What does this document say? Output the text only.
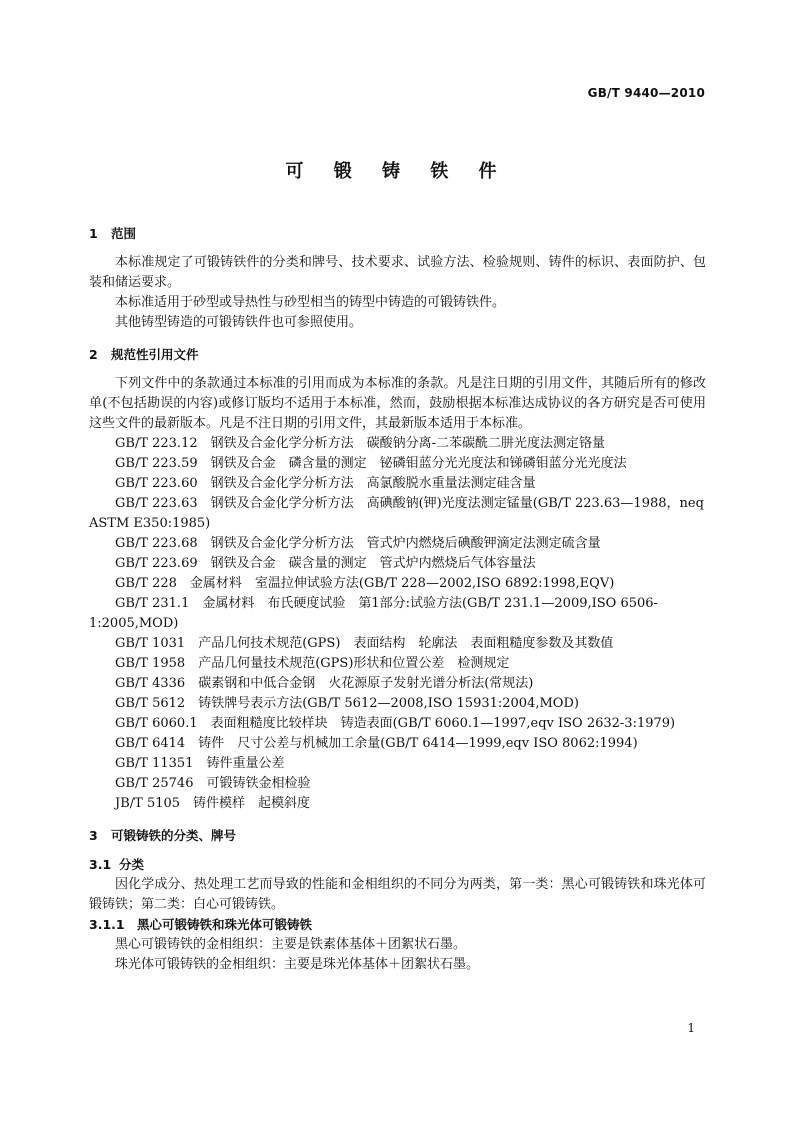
GB/T 9440—2010
可 锻 铸 铁 件

1 范围

本标准规定了可锻铸铁件的分类和牌号、技术要求、试验方法、检验规则、铸件的标识、表面防护、包装和储运要求。

本标准适用于砂型或导热性与砂型相当的铸型中铸造的可锻铸铁件。

其他铸型铸造的可锻铸铁件也可参照使用。

2 规范性引用文件

下列文件中的条款通过本标准的引用而成为本标准的条款。凡是注日期的引用文件，其随后所有的修改单(不包括勘误的内容)或修订版均不适用于本标准，然而，鼓励根据本标准达成协议的各方研究是否可使用这些文件的最新版本。凡是不注日期的引用文件，其最新版本适用于本标准。

GB/T 223.12　钢铁及合金化学分析方法　碳酸钠分离-二苯碳酰二肼光度法测定铬量

GB/T 223.59　钢铁及合金　磷含量的测定　铋磷钼蓝分光光度法和锑磷钼蓝分光光度法

GB/T 223.60　钢铁及合金化学分析方法　高氯酸脱水重量法测定硅含量

GB/T 223.63　钢铁及合金化学分析方法　高碘酸钠(钾)光度法测定锰量(GB/T 223.63—1988，neq ASTM E350:1985)

GB/T 223.68　钢铁及合金化学分析方法　管式炉内燃烧后碘酸钾滴定法测定硫含量

GB/T 223.69　钢铁及合金　碳含量的测定　管式炉内燃烧后气体容量法

GB/T 228　金属材料　室温拉伸试验方法(GB/T 228—2002,ISO 6892:1998,EQV)

GB/T 231.1　金属材料　布氏硬度试验　第1部分:试验方法(GB/T 231.1—2009,ISO 6506-1:2005,MOD)

GB/T 1031　产品几何技术规范(GPS)　表面结构　轮廓法　表面粗糙度参数及其数值

GB/T 1958　产品几何量技术规范(GPS)形状和位置公差　检测规定

GB/T 4336　碳素钢和中低合金钢　火花源原子发射光谱分析法(常规法)

GB/T 5612　铸铁牌号表示方法(GB/T 5612—2008,ISO 15931:2004,MOD)

GB/T 6060.1　表面粗糙度比较样块　铸造表面(GB/T 6060.1—1997,eqv ISO 2632-3:1979)

GB/T 6414　铸件　尺寸公差与机械加工余量(GB/T 6414—1999,eqv ISO 8062:1994)

GB/T 11351　铸件重量公差

GB/T 25746　可锻铸铁金相检验

JB/T 5105　铸件模样　起模斜度

3 可锻铸铁的分类、牌号

3.1 分类

因化学成分、热处理工艺而导致的性能和金相组织的不同分为两类，第一类：黑心可锻铸铁和珠光体可锻铸铁；第二类：白心可锻铸铁。

3.1.1 黑心可锻铸铁和珠光体可锻铸铁

黑心可锻铸铁的金相组织：主要是铁素体基体＋团絮状石墨。

珠光体可锻铸铁的金相组织：主要是珠光体基体＋团絮状石墨。

1
